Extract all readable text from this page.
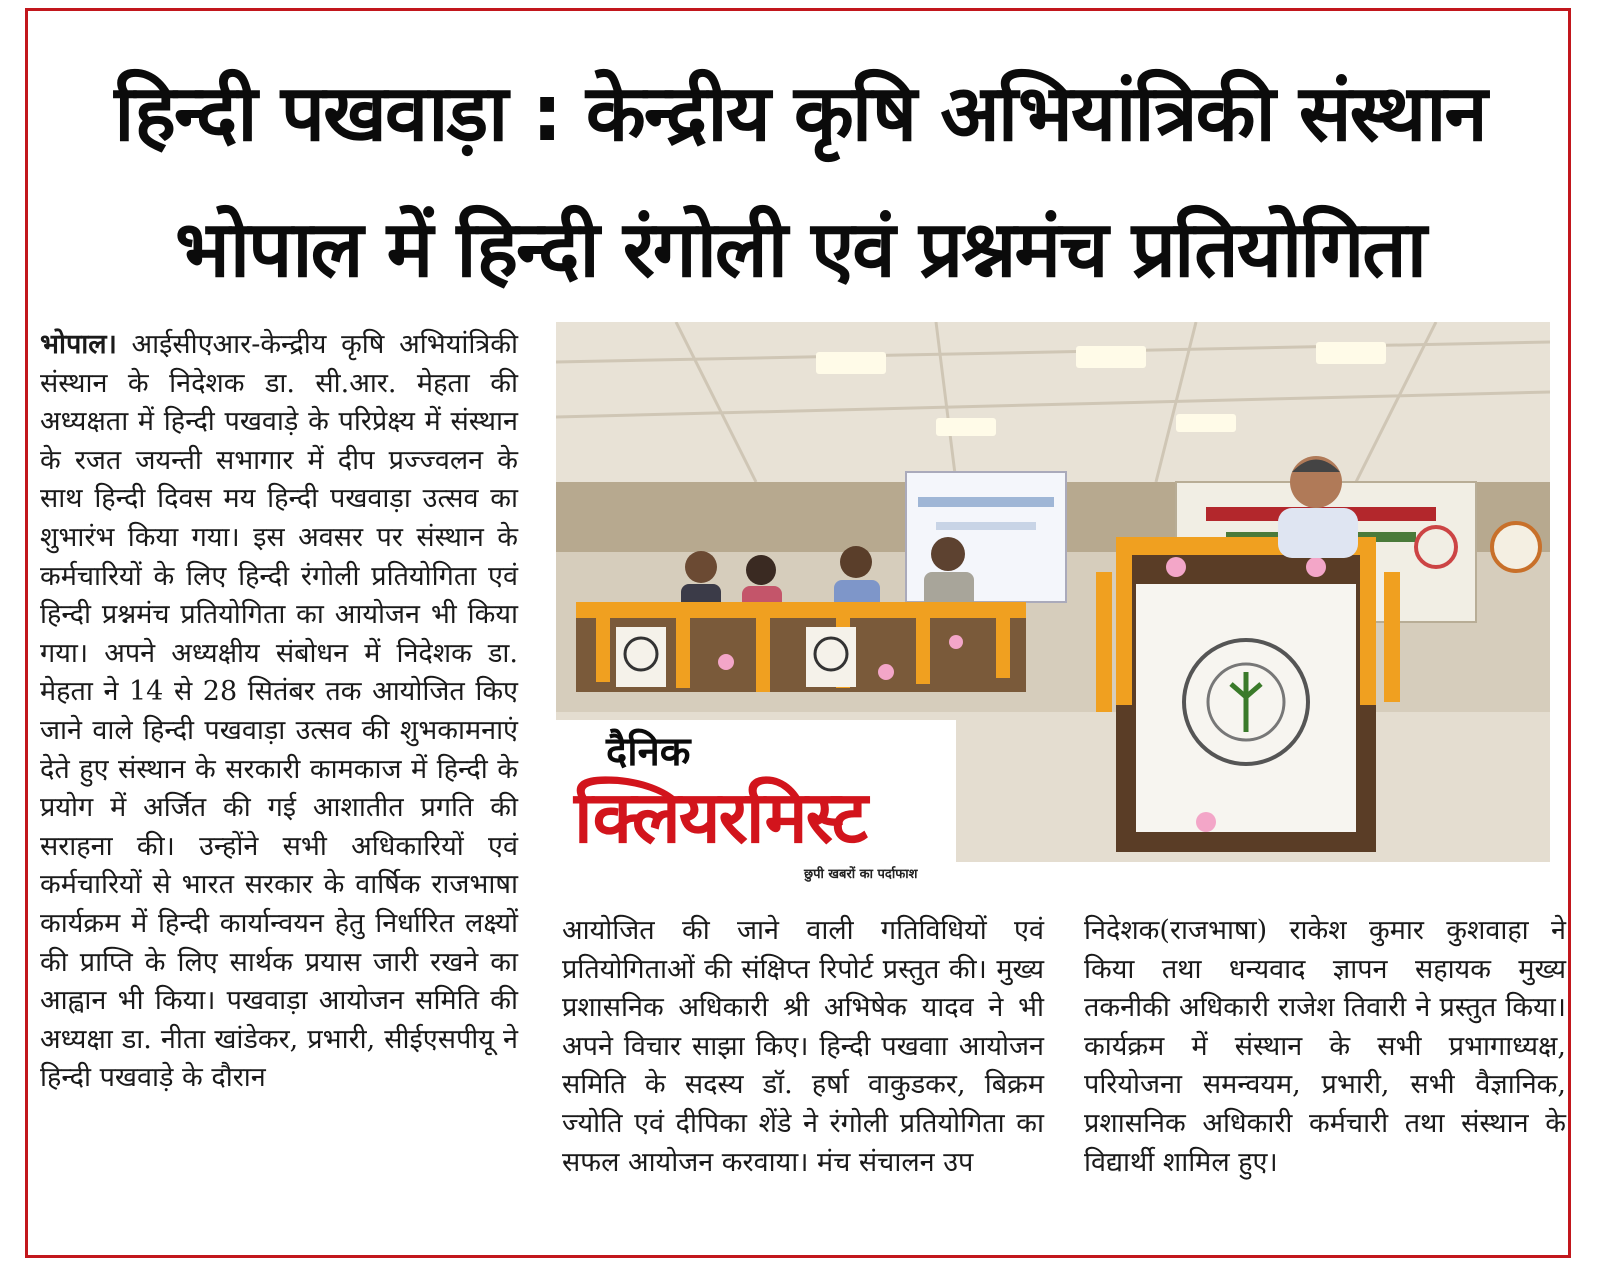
हिन्दी पखवाड़ा : केन्द्रीय कृषि अभियांत्रिकी संस्थान
भोपाल में हिन्दी रंगोली एवं प्रश्नमंच प्रतियोगिता

भोपाल। आईसीएआर-केन्द्रीय कृषि अभियांत्रिकी संस्थान के निदेशक डा. सी.आर. मेहता की अध्यक्षता में हिन्दी पखवाड़े के परिप्रेक्ष्य में संस्थान के रजत जयन्ती सभागार में दीप प्रज्ज्वलन के साथ हिन्दी दिवस मय हिन्दी पखवाड़ा उत्सव का शुभारंभ किया गया। इस अवसर पर संस्थान के कर्मचारियों के लिए हिन्दी रंगोली प्रतियोगिता एवं हिन्दी प्रश्नमंच प्रतियोगिता का आयोजन भी किया गया। अपने अध्यक्षीय संबोधन में निदेशक डा. मेहता ने 14 से 28 सितंबर तक आयोजित किए जाने वाले हिन्दी पखवाड़ा उत्सव की शुभकामनाएं देते हुए संस्थान के सरकारी कामकाज में हिन्दी के प्रयोग में अर्जित की गई आशातीत प्रगति की सराहना की। उन्होंने सभी अधिकारियों एवं कर्मचारियों से भारत सरकार के वार्षिक राजभाषा कार्यक्रम में हिन्दी कार्यान्वयन हेतु निर्धारित लक्ष्यों की प्राप्ति के लिए सार्थक प्रयास जारी रखने का आह्वान भी किया। पखवाड़ा आयोजन समिति की अध्यक्षा डा. नीता खांडेकर, प्रभारी, सीईएसपीयू ने हिन्दी पखवाड़े के दौरान

दैनिक
क्लियरमिस्ट
छुपी खबरों का पर्दाफाश

आयोजित की जाने वाली गतिविधियों एवं प्रतियोगिताओं की संक्षिप्त रिपोर्ट प्रस्तुत की। मुख्य प्रशासनिक अधिकारी श्री अभिषेक यादव ने भी अपने विचार साझा किए। हिन्दी पखवाा आयोजन समिति के सदस्य डॉ. हर्षा वाकुडकर, बिक्रम ज्योति एवं दीपिका शेंडे ने रंगोली प्रतियोगिता का सफल आयोजन करवाया। मंच संचालन उप

निदेशक(राजभाषा) राकेश कुमार कुशवाहा ने किया तथा धन्यवाद ज्ञापन सहायक मुख्य तकनीकी अधिकारी राजेश तिवारी ने प्रस्तुत किया। कार्यक्रम में संस्थान के सभी प्रभागाध्यक्ष, परियोजना समन्वयम, प्रभारी, सभी वैज्ञानिक, प्रशासनिक अधिकारी कर्मचारी तथा संस्थान के विद्यार्थी शामिल हुए।
